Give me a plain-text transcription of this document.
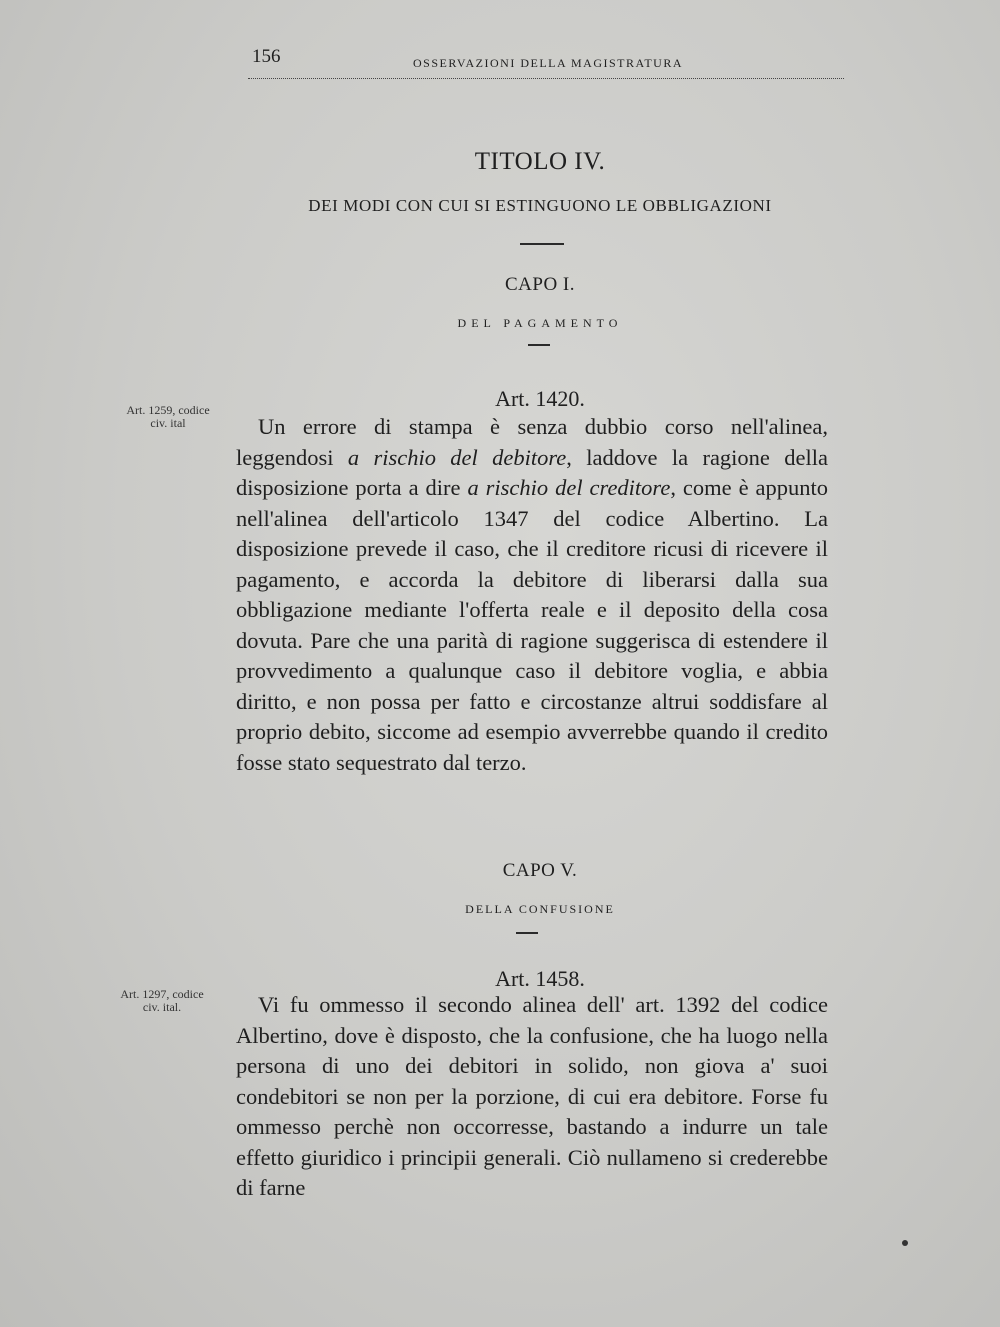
156	OSSERVAZIONI DELLA MAGISTRATURA
TITOLO IV.
DEI MODI CON CUI SI ESTINGUONO LE OBBLIGAZIONI
CAPO I.
DEL PAGAMENTO
Art. 1420.
Art. 1259, codice
civ. ital	Un errore di stampa è senza dubbio corso nell'alinea, leggendosi a rischio del debitore, laddove la ragione della disposizione porta a dire a rischio del creditore, come è appunto nell'alinea dell'articolo 1347 del codice Albertino. La disposizione prevede il caso, che il creditore ricusi di ricevere il pagamento, e accorda la debitore di liberarsi dalla sua obbligazione mediante l'offerta reale e il deposito della cosa dovuta. Pare che una parità di ragione suggerisca di estendere il provvedimento a qualunque caso il debitore voglia, e abbia diritto, e non possa per fatto e circostanze altrui soddisfare al proprio debito, siccome ad esempio avverrebbe quando il credito fosse stato sequestrato dal terzo.

CAPO V.
DELLA CONFUSIONE
Art. 1458.
Art. 1297, codice
civ. ital.	Vi fu ommesso il secondo alinea dell' art. 1392 del codice Albertino, dove è disposto, che la confusione, che ha luogo nella persona di uno dei debitori in solido, non giova a' suoi condebitori se non per la porzione, di cui era debitore. Forse fu ommesso perchè non occorresse, bastando a indurre un tale effetto giuridico i principii generali. Ciò nullameno si crederebbe di farne
